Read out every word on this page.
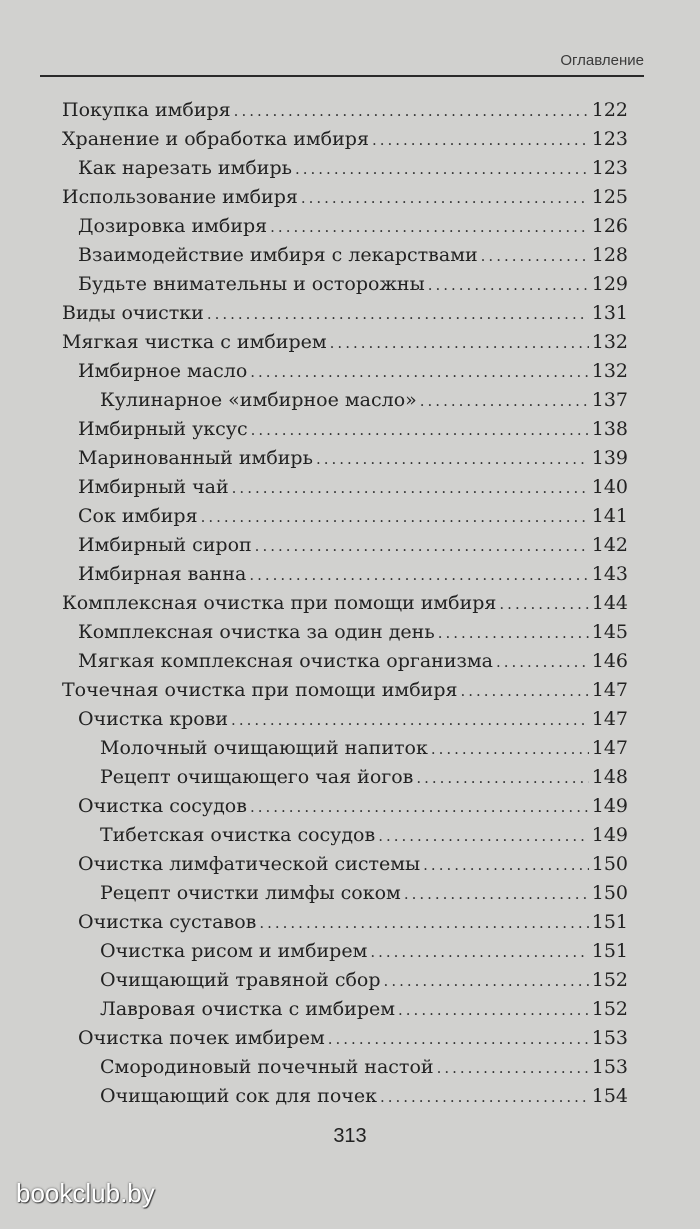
Оглавление
Покупка имбиря .....	122
Хранение и обработка имбиря .....	123
Как нарезать имбирь .....	123
Использование имбиря .....	125
Дозировка имбиря .....	126
Взаимодействие имбиря с лекарствами .....	128
Будьте внимательны и осторожны .....	129
Виды очистки .....	131
Мягкая чистка с имбирем .....	132
Имбирное масло .....	132
Кулинарное «имбирное масло» .....	137
Имбирный уксус .....	138
Маринованный имбирь .....	139
Имбирный чай .....	140
Сок имбиря .....	141
Имбирный сироп .....	142
Имбирная ванна .....	143
Комплексная очистка при помощи имбиря .....	144
Комплексная очистка за один день .....	145
Мягкая комплексная очистка организма .....	146
Точечная очистка при помощи имбиря .....	147
Очистка крови .....	147
Молочный очищающий напиток .....	147
Рецепт очищающего чая йогов .....	148
Очистка сосудов .....	149
Тибетская очистка сосудов .....	149
Очистка лимфатической системы .....	150
Рецепт очистки лимфы соком .....	150
Очистка суставов .....	151
Очистка рисом и имбирем .....	151
Очищающий травяной сбор .....	152
Лавровая очистка с имбирем .....	152
Очистка почек имбирем .....	153
Смородиновый почечный настой .....	153
Очищающий сок для почек .....	154
313
bookclub.by
